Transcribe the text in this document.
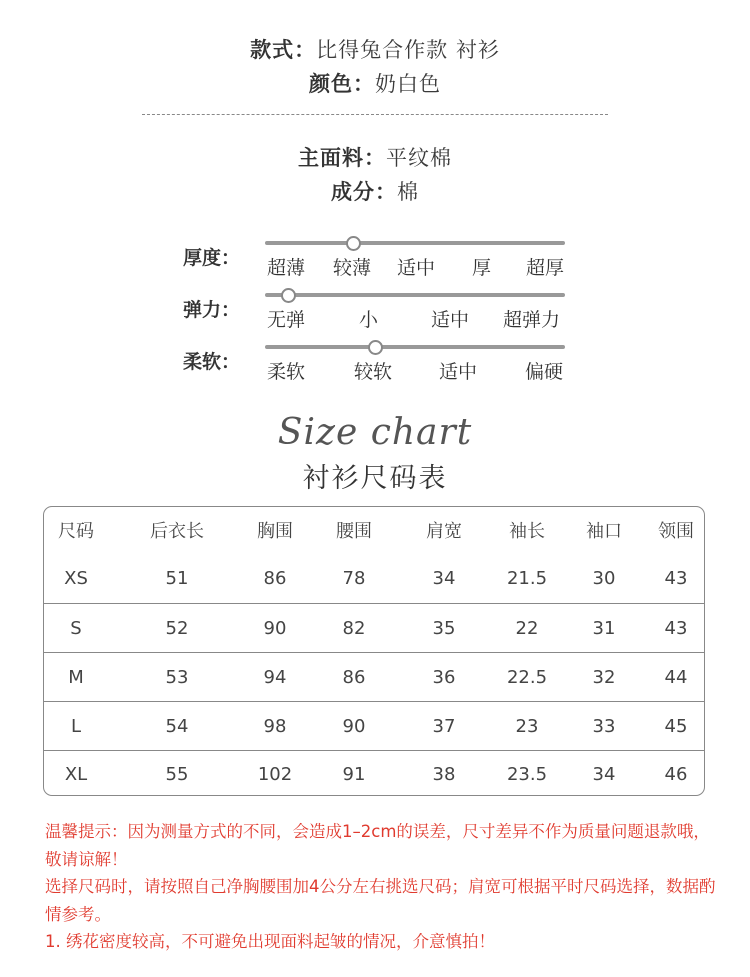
款式：比得兔合作款 衬衫
颜色：奶白色
主面料：平纹棉
成分：棉
厚度： 超薄 较薄 适中 厚 超厚
弹力： 无弹	小	适中 超弹力
柔软： 柔软	较软 适中	偏硬
Size chart
衬衫尺码表
尺码	后衣长	胸围	腰围	肩宽	袖长	袖口	领围
XS	51	86	78	34	21.5	30	43
S	52	90	82	35	22	31	43
M	53	94	86	36	22.5	32	44
L	54	98	90	37	23	33	45
XL	55	102	91	38	23.5	34	46

温馨提示：因为测量方式的不同，会造成1–2cm的误差，尺寸差异不作为质量问题退款哦，敬请谅解！

选择尺码时，请按照自己净胸腰围加4公分左右挑选尺码；肩宽可根据平时尺码选择，数据酌情参考。

1. 绣花密度较高，不可避免出现面料起皱的情况，介意慎拍！
